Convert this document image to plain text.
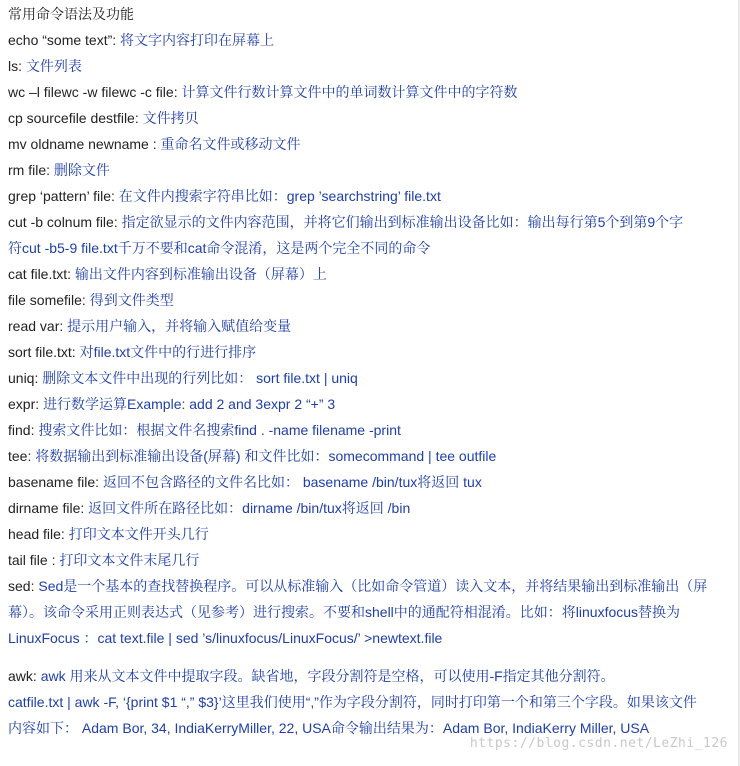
常用命令语法及功能
echo “some text”: 将文字内容打印在屏幕上
ls: 文件列表
wc –l filewc -w filewc -c file: 计算文件行数计算文件中的单词数计算文件中的字符数
cp sourcefile destfile: 文件拷贝
mv oldname newname : 重命名文件或移动文件
rm file: 删除文件
grep ‘pattern’ file: 在文件内搜索字符串比如：grep ’searchstring’ file.txt
cut -b colnum file: 指定欲显示的文件内容范围，并将它们输出到标准输出设备比如：输出每行第5个到第9个字
符cut -b5-9 file.txt千万不要和cat命令混淆，这是两个完全不同的命令
cat file.txt: 输出文件内容到标准输出设备（屏幕）上
file somefile: 得到文件类型
read var: 提示用户输入，并将输入赋值给变量
sort file.txt: 对file.txt文件中的行进行排序
uniq: 删除文本文件中出现的行列比如： sort file.txt | uniq
expr: 进行数学运算Example: add 2 and 3expr 2 “+” 3
find: 搜索文件比如：根据文件名搜索find . -name filename -print
tee: 将数据输出到标准输出设备(屏幕) 和文件比如：somecommand | tee outfile
basename file: 返回不包含路径的文件名比如： basename /bin/tux将返回 tux
dirname file: 返回文件所在路径比如：dirname /bin/tux将返回 /bin
head file: 打印文本文件开头几行
tail file : 打印文本文件末尾几行
sed: Sed是一个基本的查找替换程序。可以从标准输入（比如命令管道）读入文本，并将结果输出到标准输出（屏
幕）。该命令采用正则表达式（见参考）进行搜索。不要和shell中的通配符相混淆。比如：将linuxfocus替换为
LinuxFocus ：cat text.file | sed ’s/linuxfocus/LinuxFocus/’ >newtext.file
awk: awk 用来从文本文件中提取字段。缺省地，字段分割符是空格，可以使用-F指定其他分割符。
catfile.txt | awk -F, ‘{print $1 “,” $3}’这里我们使用“,”作为字段分割符，同时打印第一个和第三个字段。如果该文件
内容如下： Adam Bor, 34, IndiaKerryMiller, 22, USA命令输出结果为：Adam Bor, IndiaKerry Miller, USA
https://blog.csdn.net/LeZhi_126
